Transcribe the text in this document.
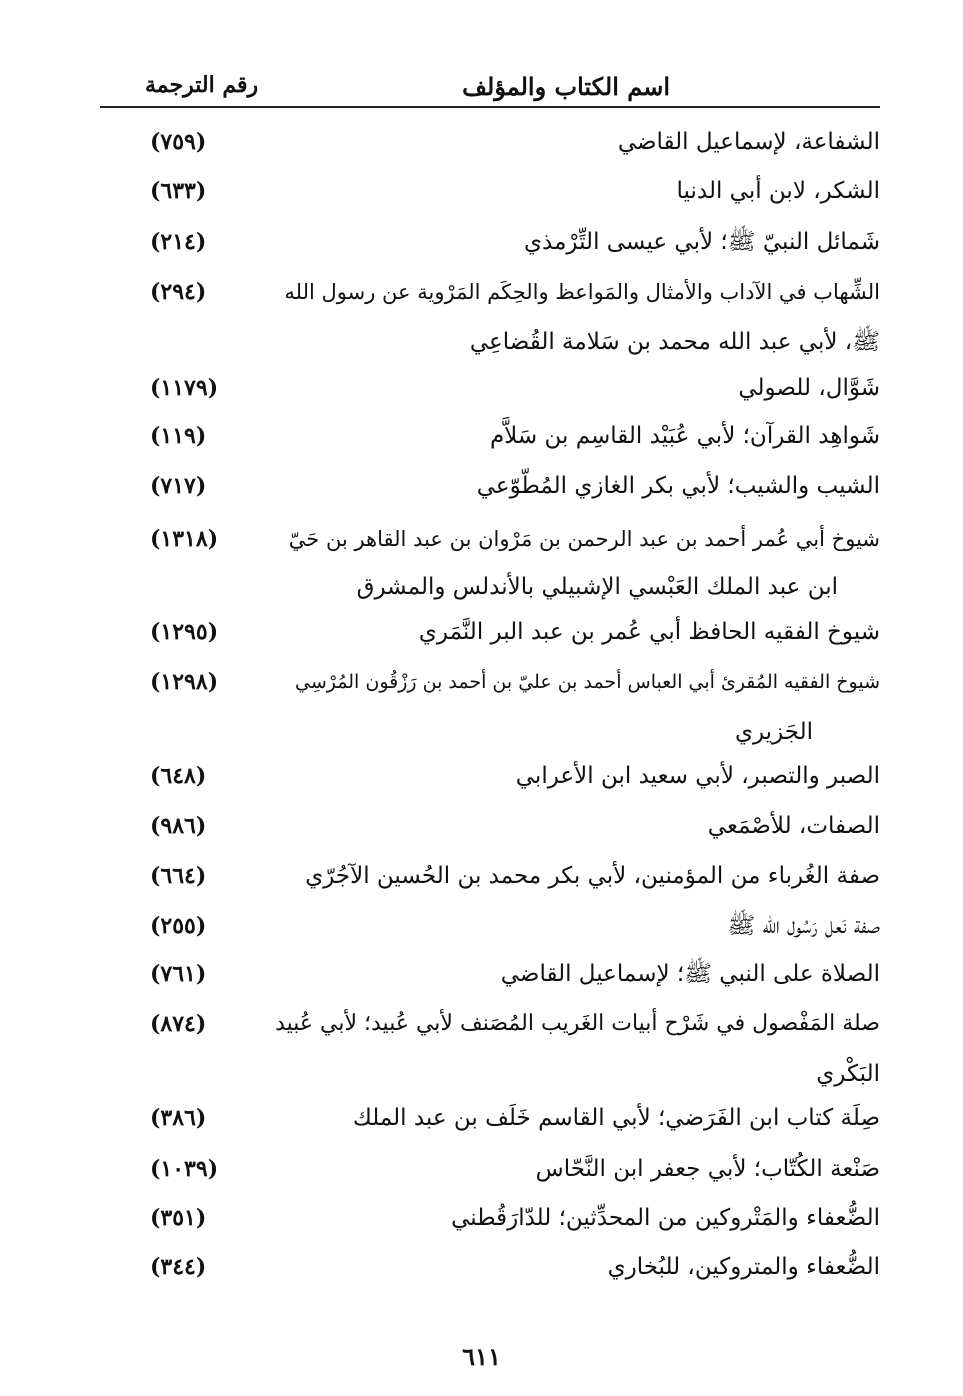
اسم الكتاب والمؤلف
رقم الترجمة
الشفاعة، لإسماعيل القاضي
(٧٥٩)
الشكر، لابن أبي الدنيا
(٦٣٣)
شَمائل النبيّ ﷺ؛ لأبي عيسى التِّرْمذي
(٢١٤)
الشِّهاب في الآداب والأمثال والمَواعظ والحِكَم المَرْوية عن رسول الله
(٢٩٤)
ﷺ، لأبي عبد الله محمد بن سَلامة القُضاعِي
شَوَّال، للصولي
(١١٧٩)
شَواهِد القرآن؛ لأبي عُبَيْد القاسِم بن سَلاَّم
(١١٩)
الشيب والشيب؛ لأبي بكر الغازي المُطّوّعي
(٧١٧)
شيوخ أبي عُمر أحمد بن عبد الرحمن بن مَرْوان بن عبد القاهر بن حَيّ
(١٣١٨)
ابن عبد الملك العَبْسي الإشبيلي بالأندلس والمشرق
شيوخ الفقيه الحافظ أبي عُمر بن عبد البر النَّمَري
(١٢٩٥)
شيوخ الفقيه المُقرئ أبي العباس أحمد بن عليّ بن أحمد بن رَزْقُون المُرْسِي
(١٢٩٨)
الجَزيري
الصبر والتصبر، لأبي سعيد ابن الأعرابي
(٦٤٨)
الصفات، للأصْمَعي
(٩٨٦)
صفة الغُرباء من المؤمنين، لأبي بكر محمد بن الحُسين الآجُرّي
(٦٦٤)
صفة نَعل رَسُول الله ﷺ
(٢٥٥)
الصلاة على النبي ﷺ؛ لإسماعيل القاضي
(٧٦١)
صلة المَفْصول في شَرْح أبيات الغَريب المُصَنف لأبي عُبيد؛ لأبي عُبيد
(٨٧٤)
البَكْري
صِلَة كتاب ابن الفَرَضي؛ لأبي القاسم خَلَف بن عبد الملك
(٣٨٦)
صَنْعة الكُتّاب؛ لأبي جعفر ابن النَّحّاس
(١٠٣٩)
الضُّعفاء والمَتْروكين من المحدِّثين؛ للدّارَقُطني
(٣٥١)
الضُّعفاء والمتروكين، للبُخاري
(٣٤٤)
٦١١
